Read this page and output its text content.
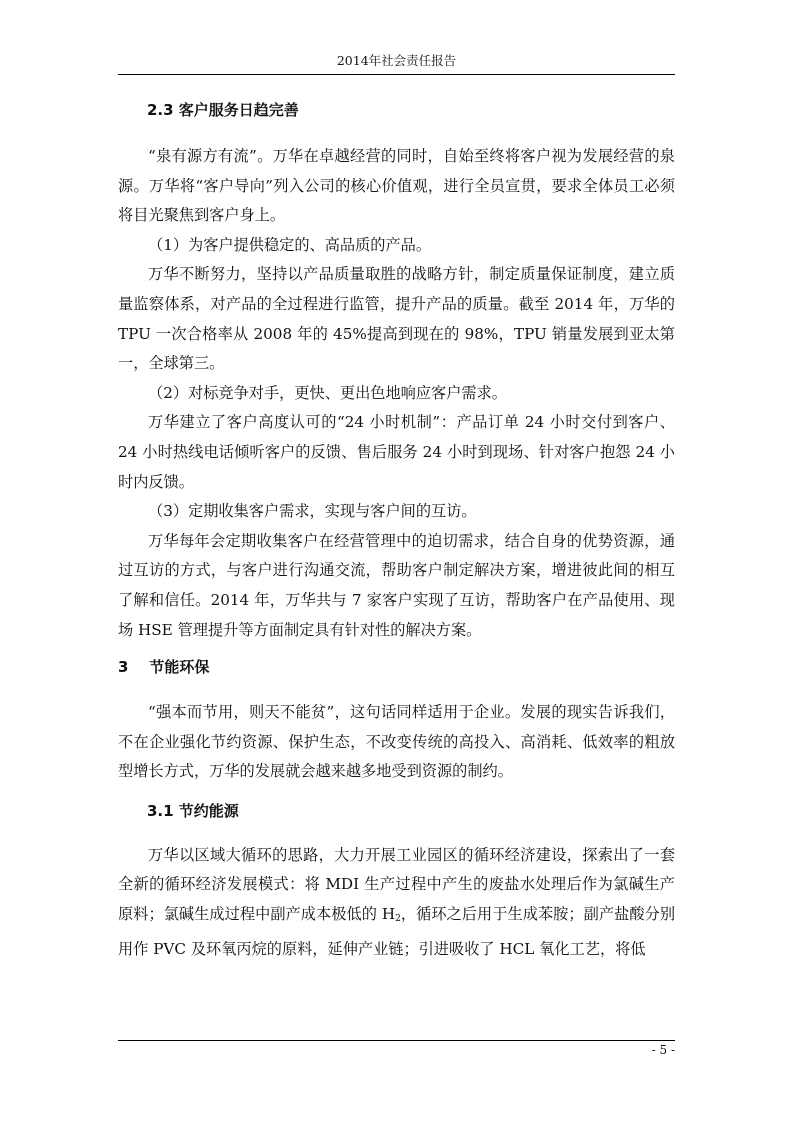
2014年社会责任报告
2.3 客户服务日趋完善

“泉有源方有流”。万华在卓越经营的同时，自始至终将客户视为发展经营的泉源。万华将“客户导向”列入公司的核心价值观，进行全员宣贯，要求全体员工必须将目光聚焦到客户身上。

（1）为客户提供稳定的、高品质的产品。

万华不断努力，坚持以产品质量取胜的战略方针，制定质量保证制度，建立质量监察体系，对产品的全过程进行监管，提升产品的质量。截至 2014 年，万华的 TPU 一次合格率从 2008 年的 45%提高到现在的 98%，TPU 销量发展到亚太第一，全球第三。

（2）对标竞争对手，更快、更出色地响应客户需求。

万华建立了客户高度认可的“24 小时机制”：产品订单 24 小时交付到客户、24 小时热线电话倾听客户的反馈、售后服务 24 小时到现场、针对客户抱怨 24 小时内反馈。

（3）定期收集客户需求，实现与客户间的互访。

万华每年会定期收集客户在经营管理中的迫切需求，结合自身的优势资源，通过互访的方式，与客户进行沟通交流，帮助客户制定解决方案，增进彼此间的相互了解和信任。2014 年，万华共与 7 家客户实现了互访，帮助客户在产品使用、现场 HSE 管理提升等方面制定具有针对性的解决方案。

3    节能环保

“强本而节用，则天不能贫”，这句话同样适用于企业。发展的现实告诉我们，不在企业强化节约资源、保护生态，不改变传统的高投入、高消耗、低效率的粗放型增长方式，万华的发展就会越来越多地受到资源的制约。

3.1 节约能源

万华以区域大循环的思路，大力开展工业园区的循环经济建设，探索出了一套全新的循环经济发展模式：将 MDI 生产过程中产生的废盐水处理后作为氯碱生产原料；氯碱生成过程中副产成本极低的 $H_2$，循环之后用于生成苯胺；副产盐酸分别用作 PVC 及环氧丙烷的原料，延伸产业链；引进吸收了 HCL 氧化工艺，将低

- 5 -
